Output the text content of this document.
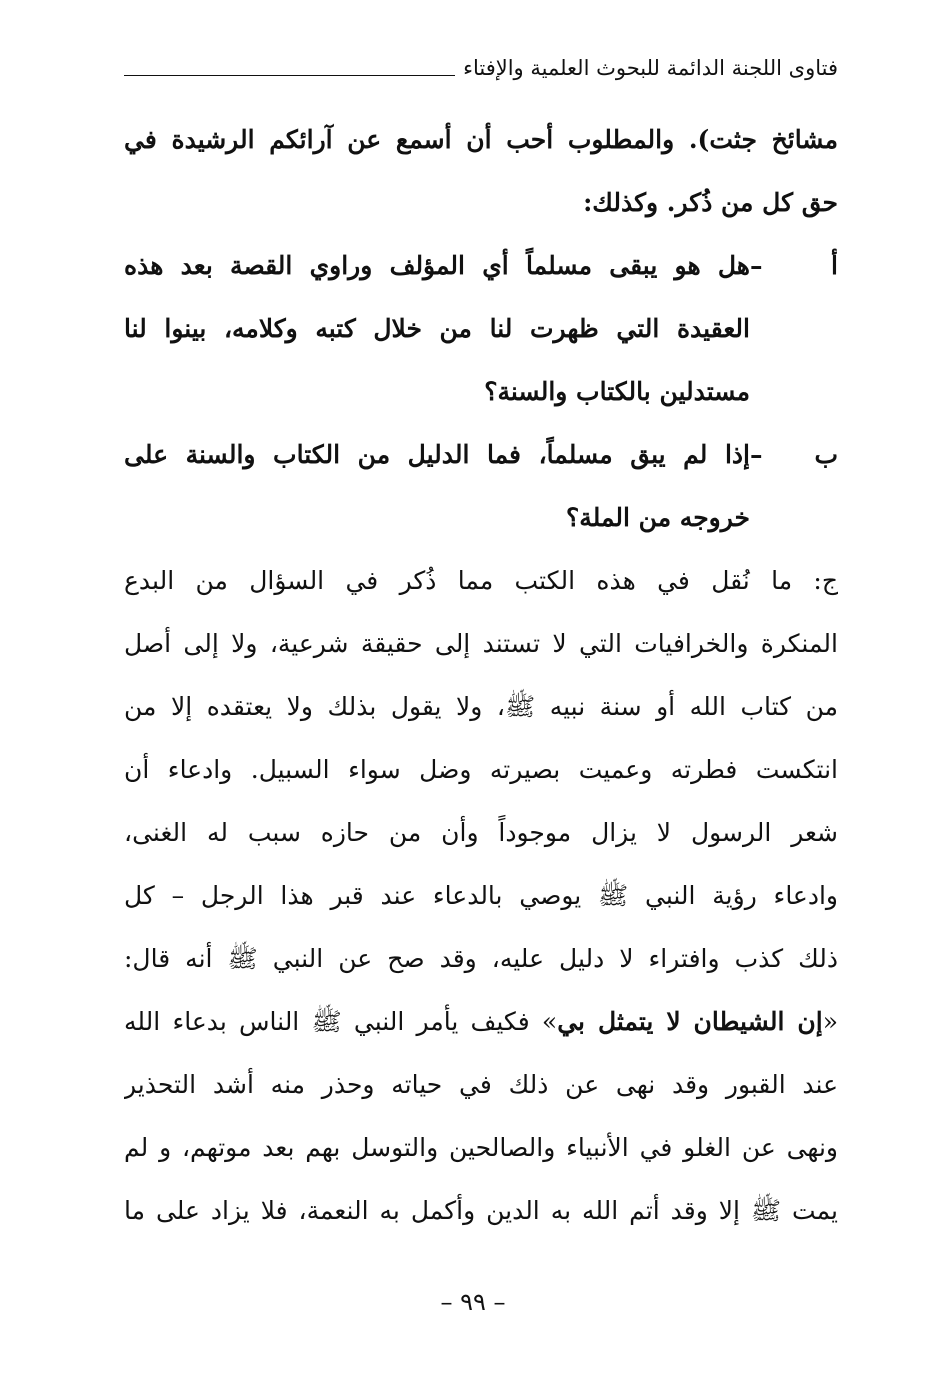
فتاوى اللجنة الدائمة للبحوث العلمية والإفتاء
مشائخ جثت). والمطلوب أحب أن أسمع عن آرائكم الرشيدة في
حق كل من ذُكر. وكذلك:
أ –هل هو يبقى مسلماً أي المؤلف وراوي القصة بعد هذه
العقيدة التي ظهرت لنا من خلال كتبه وكلامه، بينوا لنا
مستدلين بالكتاب والسنة؟
ب –إذا لم يبق مسلماً، فما الدليل من الكتاب والسنة على
خروجه من الملة؟
ج: ما نُقل في هذه الكتب مما ذُكر في السؤال من البدع
المنكرة والخرافيات التي لا تستند إلى حقيقة شرعية، ولا إلى أصل
من كتاب الله أو سنة نبيه ﷺ، ولا يقول بذلك ولا يعتقده إلا من
انتكست فطرته وعميت بصيرته وضل سواء السبيل. وادعاء أن
شعر الرسول لا يزال موجوداً وأن من حازه سبب له الغنى،
وادعاء رؤية النبي ﷺ يوصي بالدعاء عند قبر هذا الرجل – كل
ذلك كذب وافتراء لا دليل عليه، وقد صح عن النبي ﷺ أنه قال:
«إن الشيطان لا يتمثل بي» فكيف يأمر النبي ﷺ الناس بدعاء الله
عند القبور وقد نهى عن ذلك في حياته وحذر منه أشد التحذير
ونهى عن الغلو في الأنبياء والصالحين والتوسل بهم بعد موتهم، و لم
يمت ﷺ إلا وقد أتم الله به الدين وأكمل به النعمة، فلا يزاد على ما
– ٩٩ –
